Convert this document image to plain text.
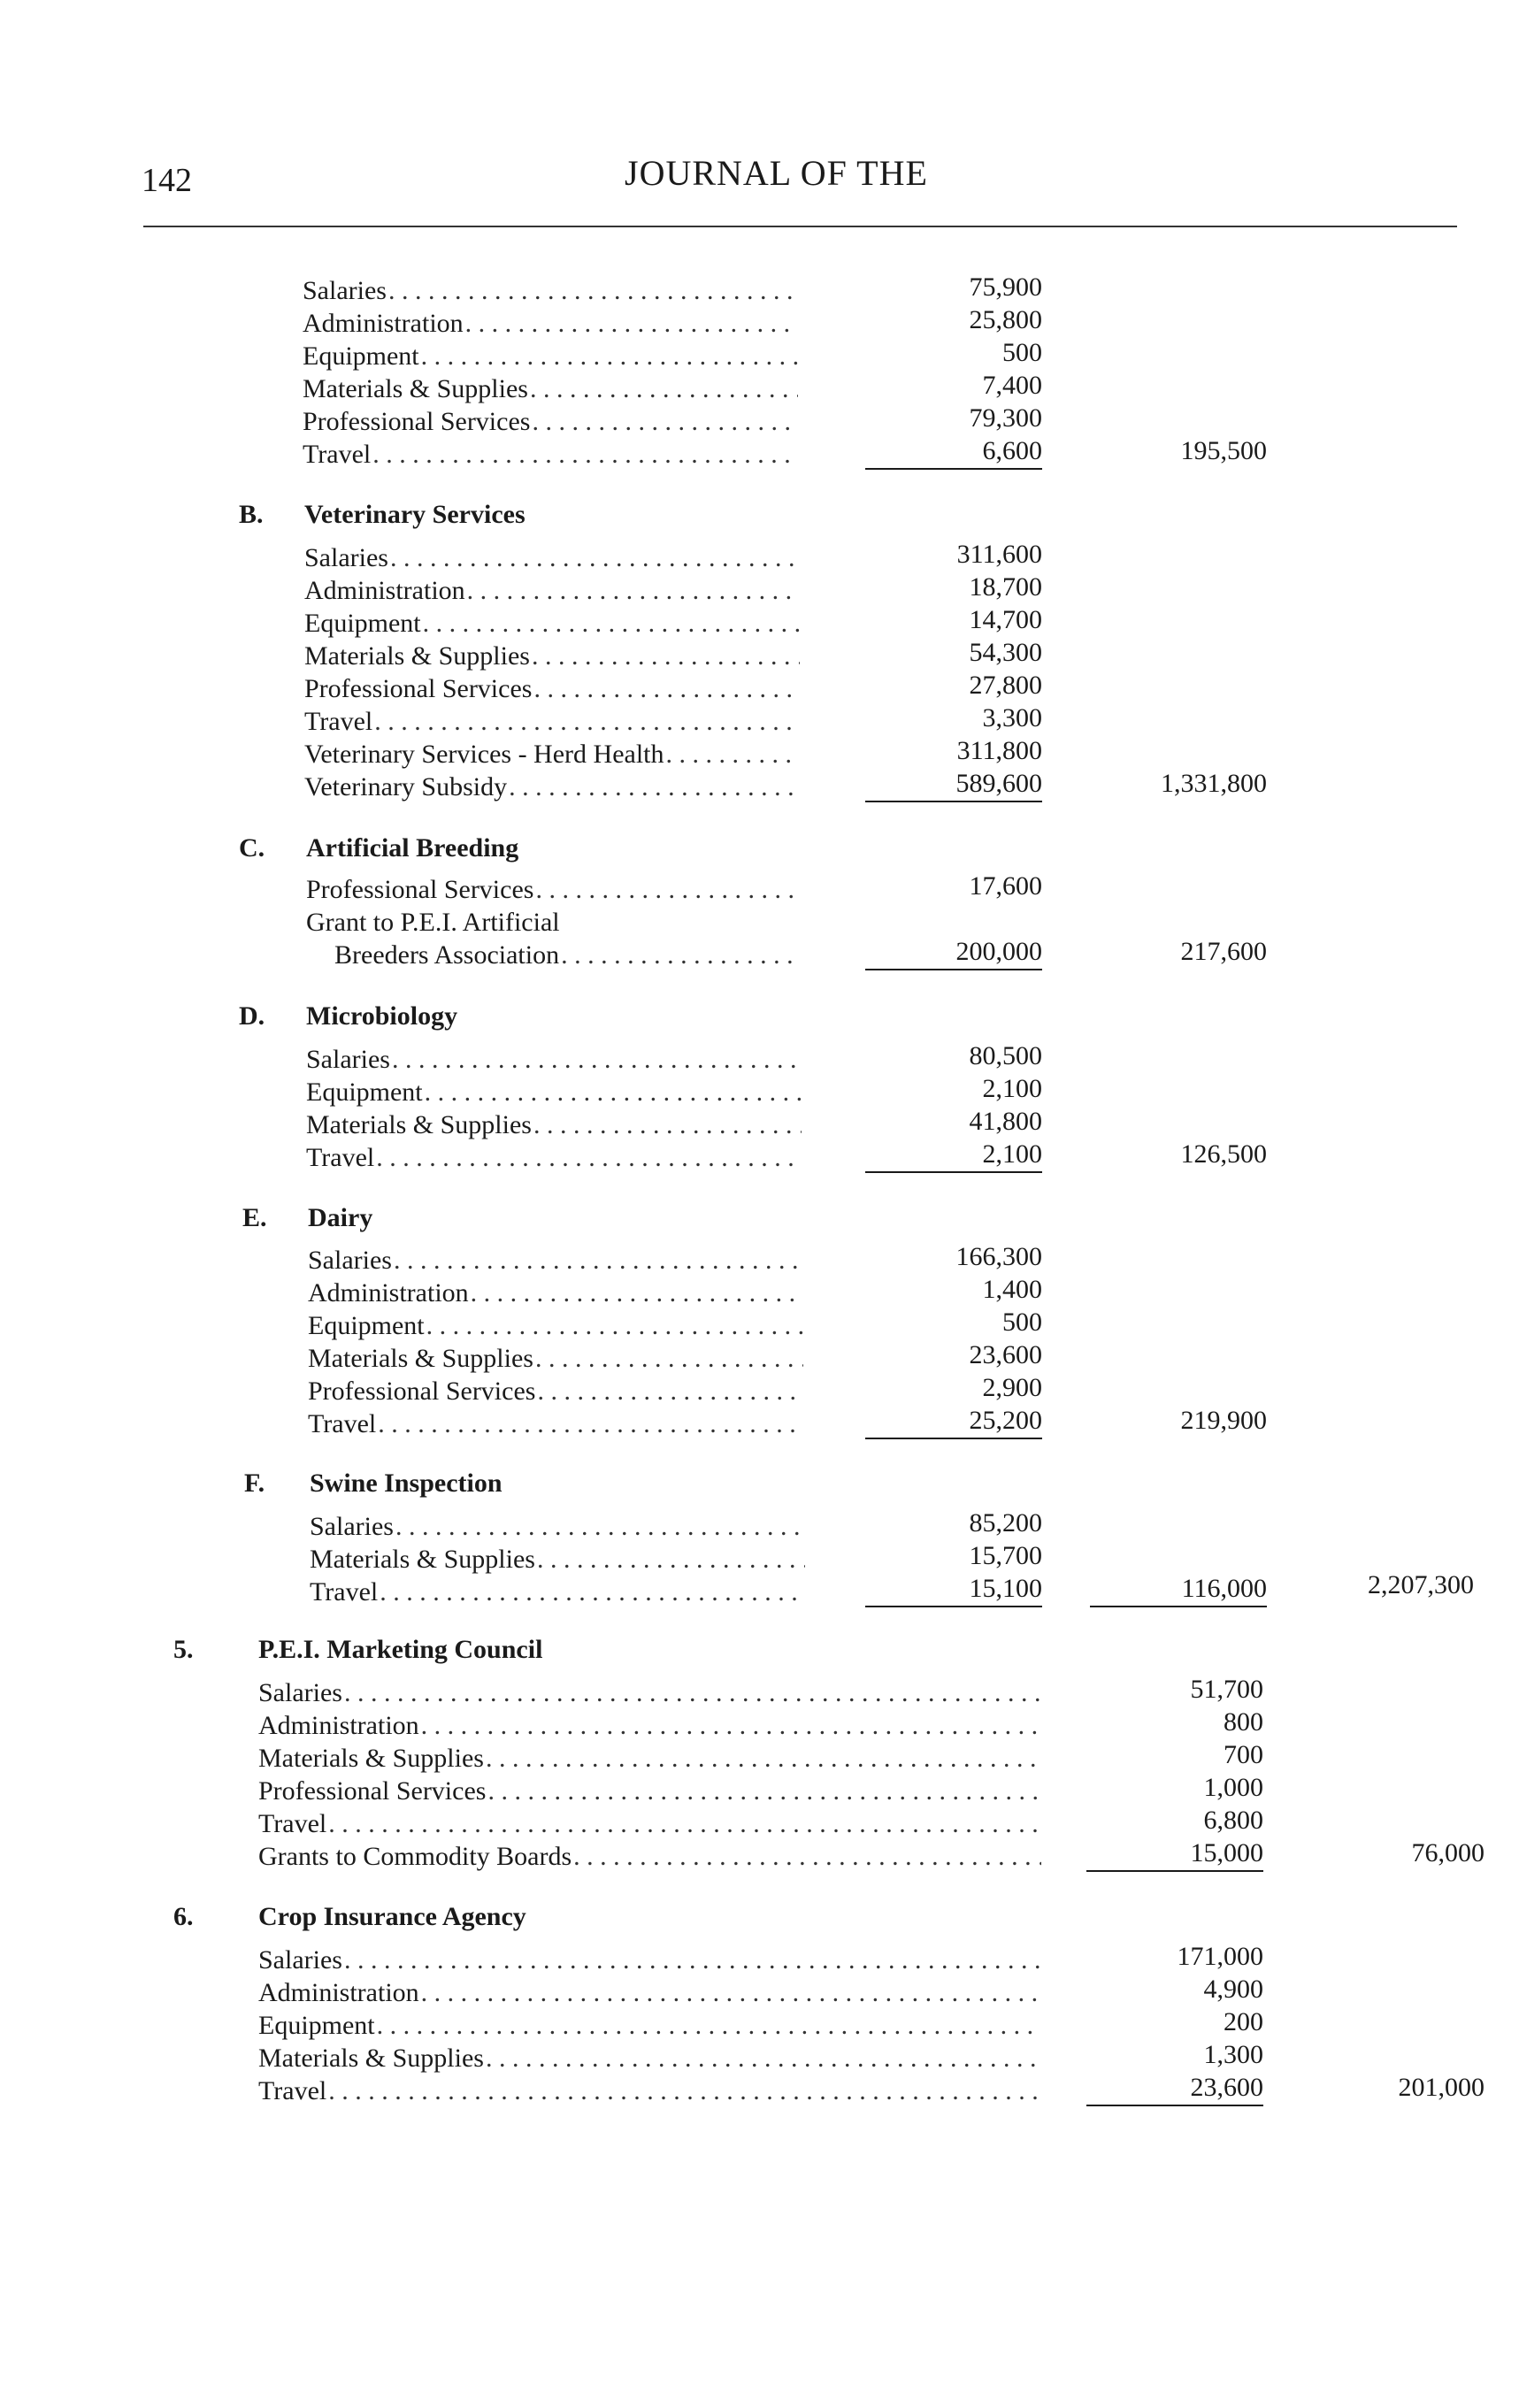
142	JOURNAL OF THE
Salaries . . .	75,900
Administration . . .	25,800
Equipment . . .	500
Materials & Supplies . . .	7,400
Professional Services . . .	79,300
Travel . . .	6,600	195,500
B. Veterinary Services
Salaries . . .	311,600
Administration . . .	18,700
Equipment . . .	14,700
Materials & Supplies . . .	54,300
Professional Services . . .	27,800
Travel . . .	3,300
Veterinary Services - Herd Health . . .	311,800
Veterinary Subsidy . . .	589,600	1,331,800
C. Artificial Breeding
Professional Services . . .	17,600
Grant to P.E.I. Artificial
Breeders Association . . .	200,000	217,600
D. Microbiology
Salaries . . .	80,500
Equipment . . .	2,100
Materials & Supplies . . .	41,800
Travel . . .	2,100	126,500
E. Dairy
Salaries . . .	166,300
Administration . . .	1,400
Equipment . . .	500
Materials & Supplies . . .	23,600
Professional Services . . .	2,900
Travel . . .	25,200	219,900
F. Swine Inspection
Salaries . . .	85,200
Materials & Supplies . . .	15,700
Travel . . .	15,100	116,000	2,207,300
5. P.E.I. Marketing Council
Salaries . . .	51,700
Administration . . .	800
Materials & Supplies . . .	700
Professional Services . . .	1,000
Travel . . .	6,800
Grants to Commodity Boards . . .	15,000	76,000
6. Crop Insurance Agency
Salaries . . .	171,000
Administration . . .	4,900
Equipment . . .	200
Materials & Supplies . . .	1,300
Travel . . .	23,600	201,000
